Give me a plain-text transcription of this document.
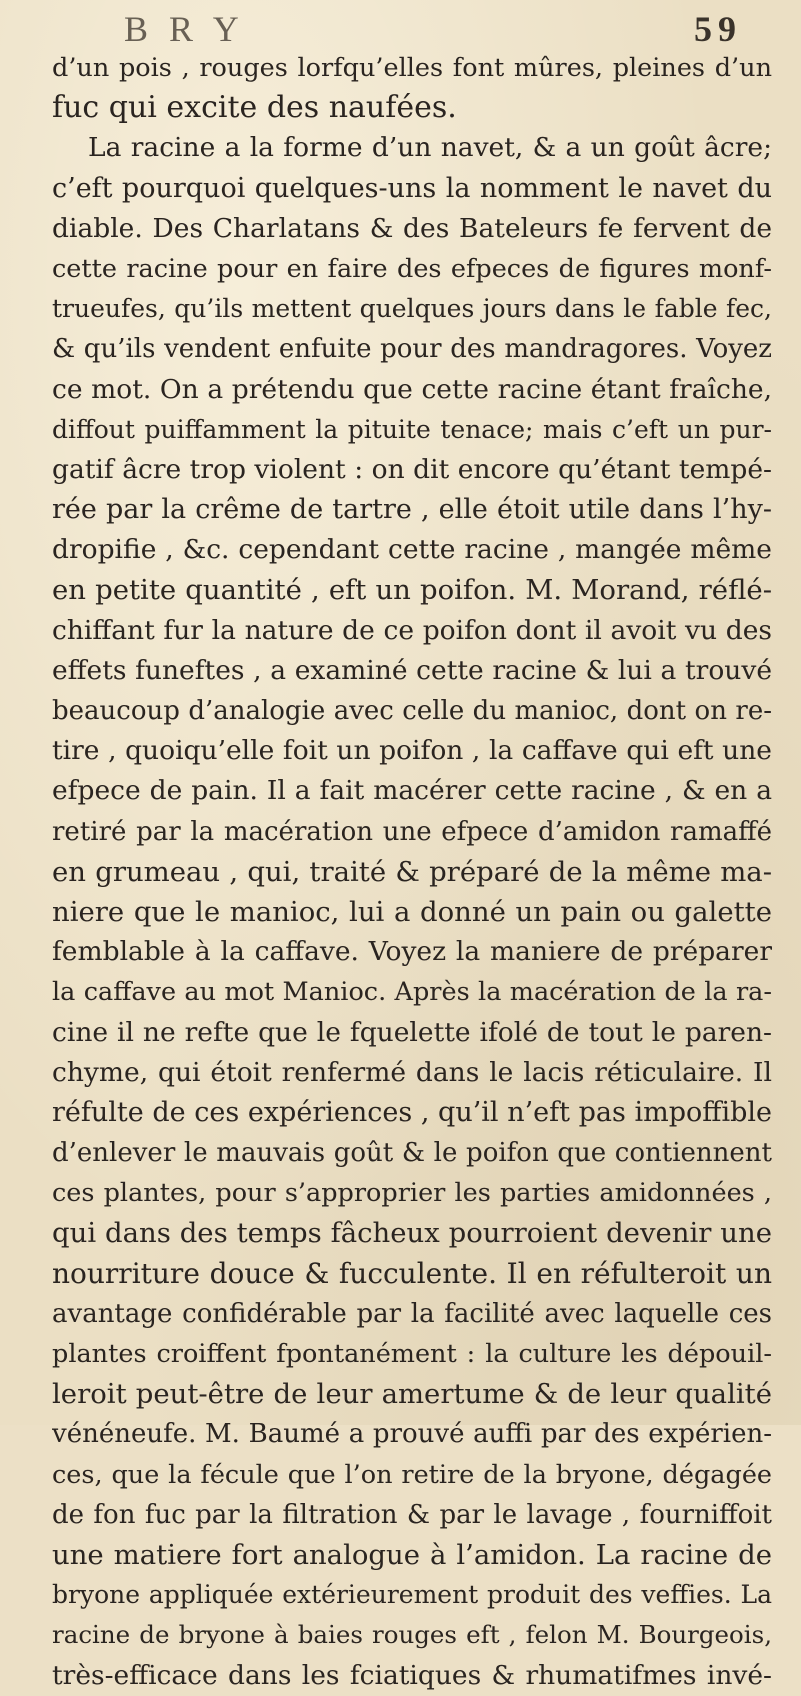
B R Y	59
d’un pois , rouges lorfqu’elles font mûres, pleines d’un
fuc qui excite des naufées.
La racine a la forme d’un navet, & a un goût âcre;
c’eft pourquoi quelques-uns la nomment le navet du
diable. Des Charlatans & des Bateleurs fe fervent de
cette racine pour en faire des efpeces de figures monf-
trueufes, qu’ils mettent quelques jours dans le fable fec,
& qu’ils vendent enfuite pour des mandragores. Voyez
ce mot. On a prétendu que cette racine étant fraîche,
diffout puiffamment la pituite tenace; mais c’eft un pur-
gatif âcre trop violent : on dit encore qu’étant tempé-
rée par la crême de tartre , elle étoit utile dans l’hy-
dropifie , &c. cependant cette racine , mangée même
en petite quantité , eft un poifon. M. Morand, réflé-
chiffant fur la nature de ce poifon dont il avoit vu des
effets funeftes , a examiné cette racine & lui a trouvé
beaucoup d’analogie avec celle du manioc, dont on re-
tire , quoiqu’elle foit un poifon , la caffave qui eft une
efpece de pain. Il a fait macérer cette racine , & en a
retiré par la macération une efpece d’amidon ramaffé
en grumeau , qui, traité & préparé de la même ma-
niere que le manioc, lui a donné un pain ou galette
femblable à la caffave. Voyez la maniere de préparer
la caffave au mot Manioc. Après la macération de la ra-
cine il ne refte que le fquelette ifolé de tout le paren-
chyme, qui étoit renfermé dans le lacis réticulaire. Il
réfulte de ces expériences , qu’il n’eft pas impoffible
d’enlever le mauvais goût & le poifon que contiennent
ces plantes, pour s’approprier les parties amidonnées ,
qui dans des temps fâcheux pourroient devenir une
nourriture douce & fucculente. Il en réfulteroit un
avantage confidérable par la facilité avec laquelle ces
plantes croiffent fpontanément : la culture les dépouil-
leroit peut-être de leur amertume & de leur qualité
vénéneufe. M. Baumé a prouvé auffi par des expérien-
ces, que la fécule que l’on retire de la bryone, dégagée
de fon fuc par la filtration & par le lavage , fourniffoit
une matiere fort analogue à l’amidon. La racine de
bryone appliquée extérieurement produit des veffies. La
racine de bryone à baies rouges eft , felon M. Bourgeois,
très-efficace dans les fciatiques & rhumatifmes invé-
